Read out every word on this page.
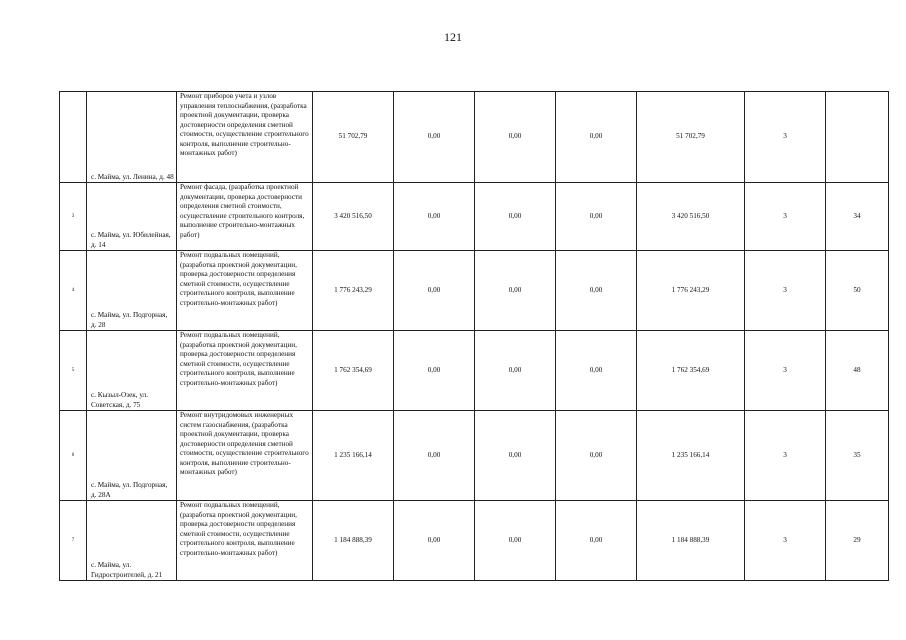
121
	с. Майма, ул. Ленина, д. 48	Ремонт приборов учета и узлов управления теплоснабжения, (разработка проектной документации, проверка достоверности определения сметной стоимости, осуществление строительного контроля, выполнение строительно-монтажных работ)	51 702,79	0,00	0,00	0,00	51 702,79	3	
3	с. Майма, ул. Юбилейная, д. 14	Ремонт фасада, (разработка проектной документации, проверка достоверности определения сметной стоимости, осуществление строительного контроля, выполнение строительно-монтажных работ)	3 420 516,50	0,00	0,00	0,00	3 420 516,50	3	34
4	с. Майма, ул. Подгорная, д. 28	Ремонт подвальных помещений, (разработка проектной документации, проверка достоверности определения сметной стоимости, осуществление строительного контроля, выполнение строительно-монтажных работ)	1 776 243,29	0,00	0,00	0,00	1 776 243,29	3	50
5	с. Кызыл-Озек, ул. Советская, д. 75	Ремонт подвальных помещений, (разработка проектной документации, проверка достоверности определения сметной стоимости, осуществление строительного контроля, выполнение строительно-монтажных работ)	1 762 354,69	0,00	0,00	0,00	1 762 354,69	3	48
6	с. Майма, ул. Подгорная, д. 28А	Ремонт внутридомовых инженерных систем газоснабжения, (разработка проектной документации, проверка достоверности определения сметной стоимости, осуществление строительного контроля, выполнение строительно-монтажных работ)	1 235 166,14	0,00	0,00	0,00	1 235 166,14	3	35
7	с. Майма, ул. Гидростроителей, д. 21	Ремонт подвальных помещений, (разработка проектной документации, проверка достоверности определения сметной стоимости, осуществление строительного контроля, выполнение строительно-монтажных работ)	1 184 888,39	0,00	0,00	0,00	1 184 888,39	3	29
